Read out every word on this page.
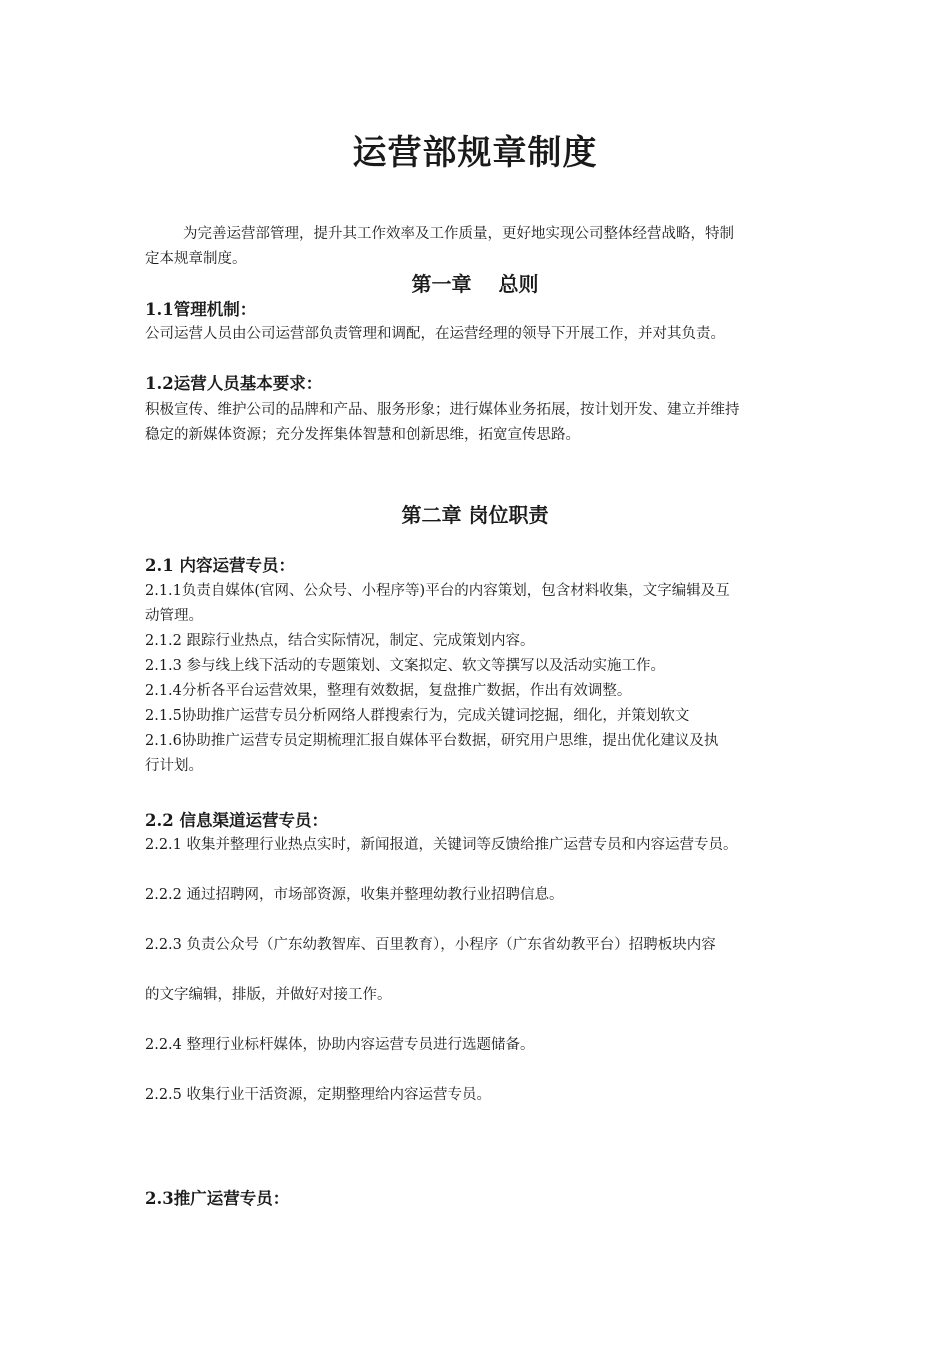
运营部规章制度
为完善运营部管理，提升其工作效率及工作质量，更好地实现公司整体经营战略，特制
定本规章制度。
第一章　 总则
1.1管理机制：
公司运营人员由公司运营部负责管理和调配，在运营经理的领导下开展工作，并对其负责。
1.2运营人员基本要求：
积极宣传、维护公司的品牌和产品、服务形象；进行媒体业务拓展，按计划开发、建立并维持
稳定的新媒体资源；充分发挥集体智慧和创新思维，拓宽宣传思路。
第二章 岗位职责
2.1 内容运营专员：
2.1.1负责自媒体(官网、公众号、小程序等)平台的内容策划，包含材料收集，文字编辑及互
动管理。
2.1.2 跟踪行业热点，结合实际情况，制定、完成策划内容。
2.1.3 参与线上线下活动的专题策划、文案拟定、软文等撰写以及活动实施工作。
2.1.4分析各平台运营效果，整理有效数据，复盘推广数据，作出有效调整。
2.1.5协助推广运营专员分析网络人群搜索行为，完成关键词挖掘，细化，并策划软文
2.1.6协助推广运营专员定期梳理汇报自媒体平台数据，研究用户思维，提出优化建议及执
行计划。
2.2 信息渠道运营专员：
2.2.1 收集并整理行业热点实时，新闻报道，关键词等反馈给推广运营专员和内容运营专员。
2.2.2 通过招聘网，市场部资源，收集并整理幼教行业招聘信息。
2.2.3 负责公众号（广东幼教智库、百里教育），小程序（广东省幼教平台）招聘板块内容
的文字编辑，排版，并做好对接工作。
2.2.4 整理行业标杆媒体，协助内容运营专员进行选题储备。
2.2.5 收集行业干活资源，定期整理给内容运营专员。
2.3推广运营专员：
